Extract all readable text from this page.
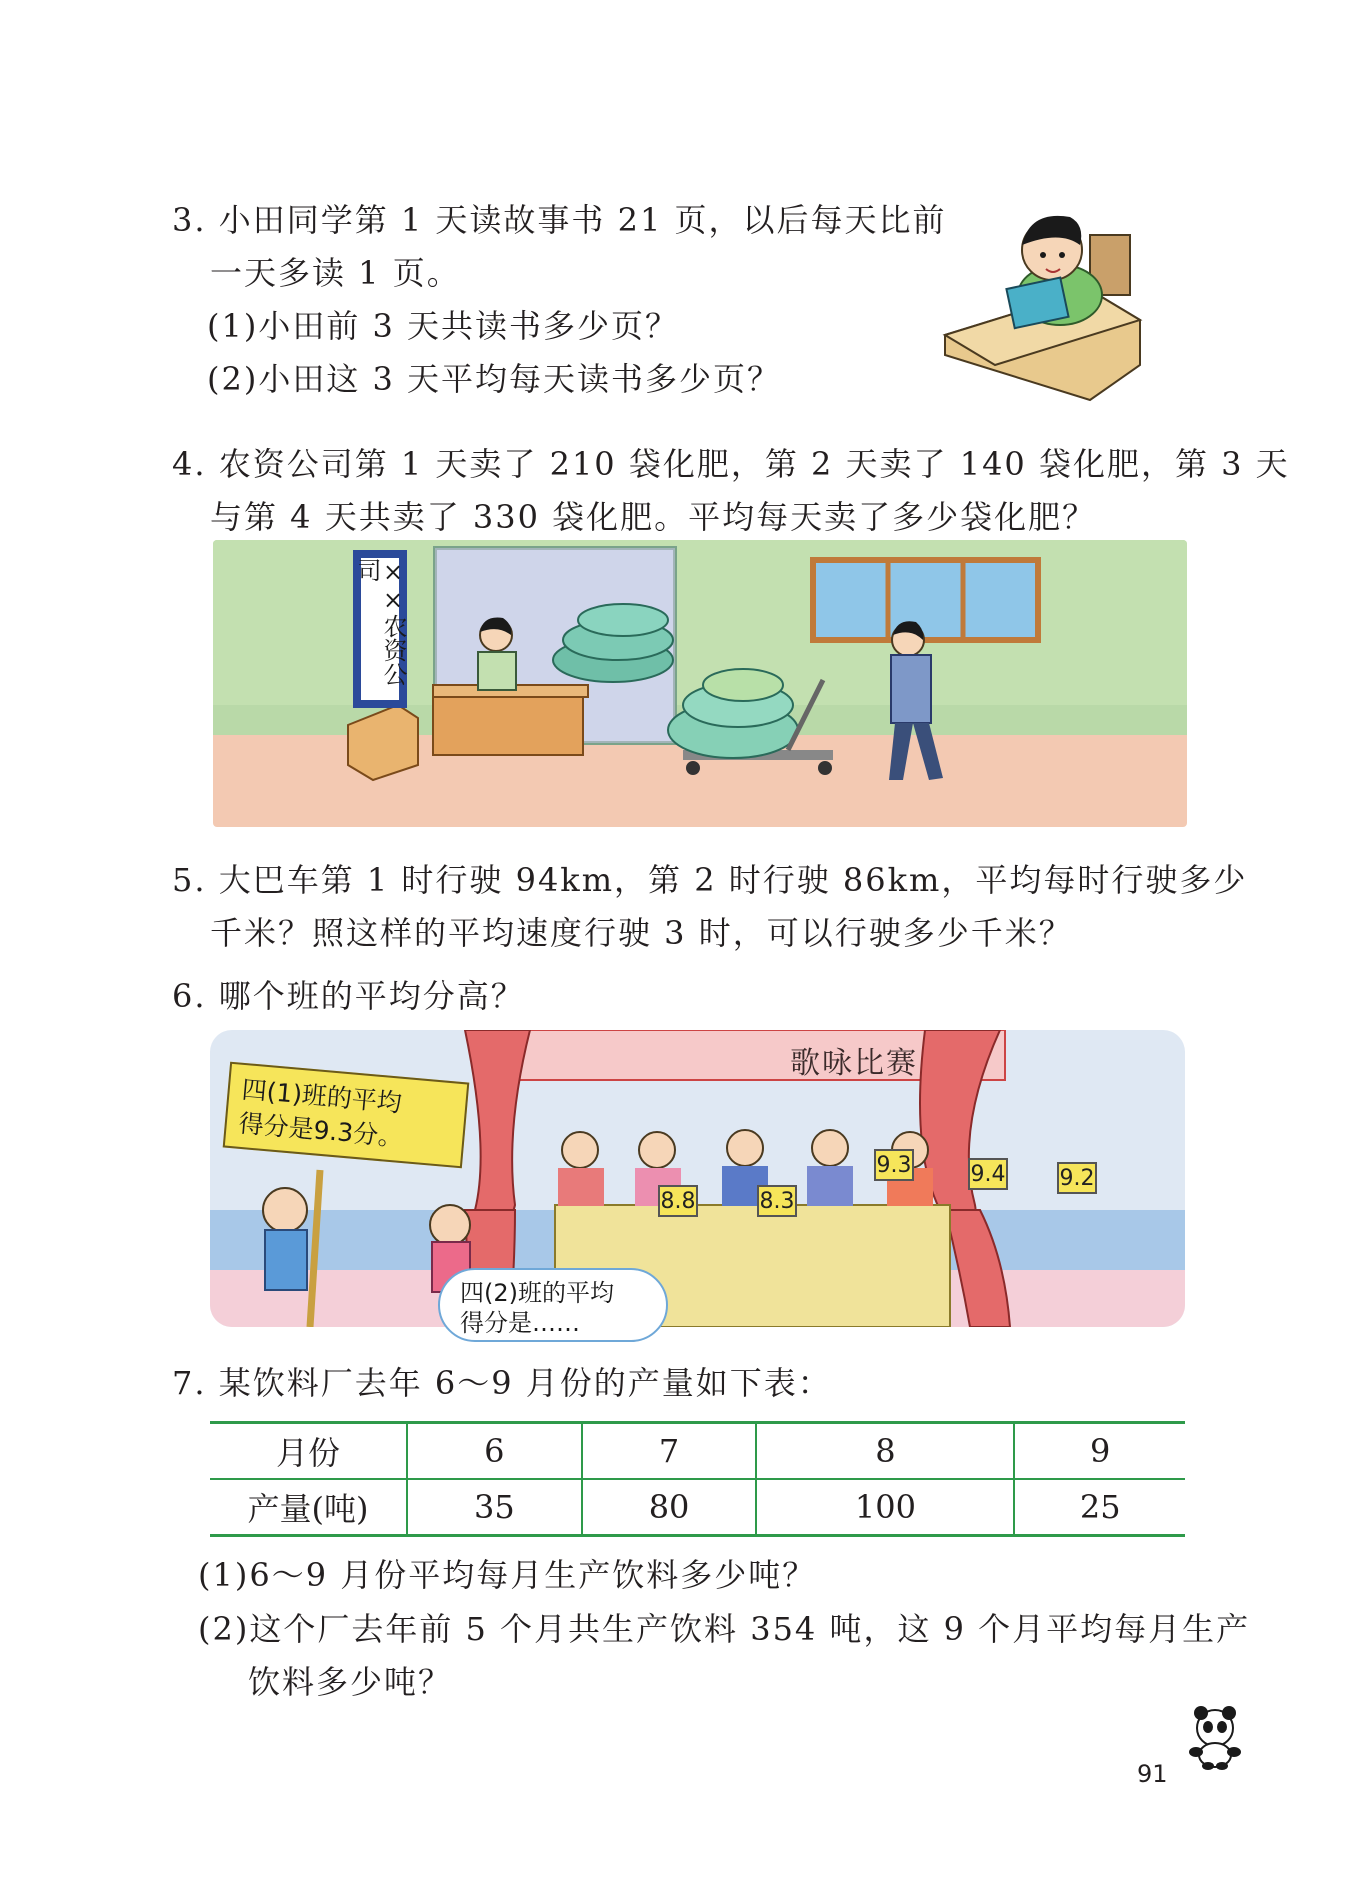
3. 小田同学第 1 天读故事书 21 页，以后每天比前
一天多读 1 页。
(1)小田前 3 天共读书多少页？
(2)小田这 3 天平均每天读书多少页？
4. 农资公司第 1 天卖了 210 袋化肥，第 2 天卖了 140 袋化肥，第 3 天
与第 4 天共卖了 330 袋化肥。平均每天卖了多少袋化肥？
××农资公司
5. 大巴车第 1 时行驶 94km，第 2 时行驶 86km，平均每时行驶多少
千米？照这样的平均速度行驶 3 时，可以行驶多少千米？
6. 哪个班的平均分高？
歌咏比赛
四(1)班的平均
得分是9.3分。
四(2)班的平均
得分是……
8.8	8.3
9.3	9.4 9.2
7. 某饮料厂去年 6～9 月份的产量如下表：
月份	6	7	8	9
产量(吨)	35	80	100	25
(1)6～9 月份平均每月生产饮料多少吨？
(2)这个厂去年前 5 个月共生产饮料 354 吨，这 9 个月平均每月生产
饮料多少吨？
91
